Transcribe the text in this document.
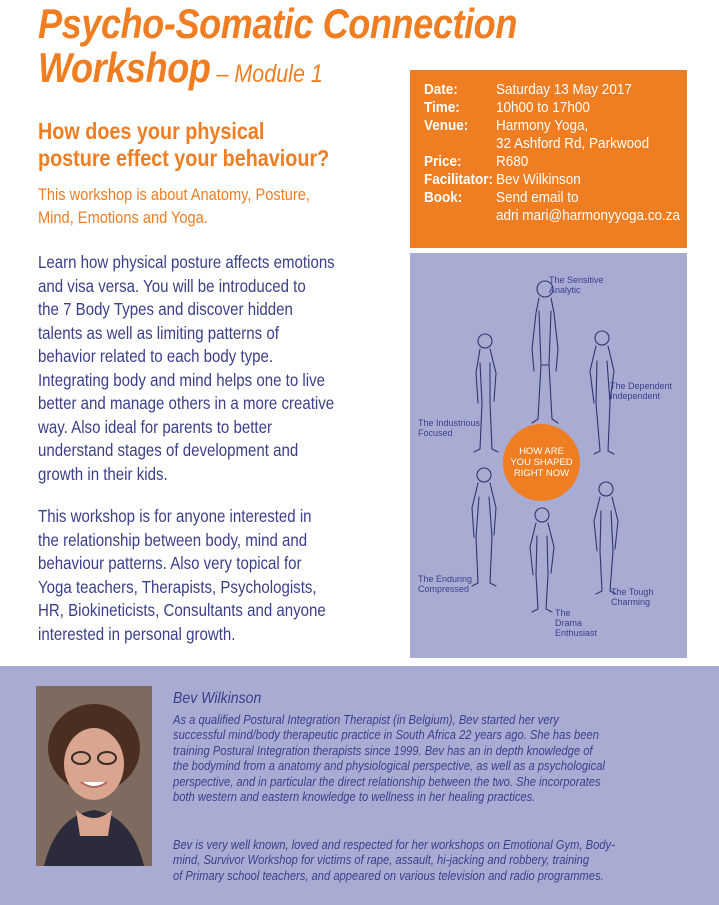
Psycho-Somatic Connection
Workshop – Module 1
How does your physical
posture effect your behaviour?

This workshop is about Anatomy, Posture,
Mind, Emotions and Yoga.

Learn how physical posture affects emotions

and visa versa. You will be introduced to

the 7 Body Types and discover hidden

talents as well as limiting patterns of

behavior related to each body type.

Integrating body and mind helps one to live

better and manage others in a more creative

way. Also ideal for parents to better

understand stages of development and

growth in their kids.

This workshop is for anyone interested in

the relationship between body, mind and

behaviour patterns. Also very topical for

Yoga teachers, Therapists, Psychologists,

HR, Biokineticists, Consultants and anyone

interested in personal growth.

Date:	Saturday 13 May 2017
Time:	10h00 to 17h00
Venue:	Harmony Yoga,
32 Ashford Rd, Parkwood
Price:	R680
Facilitator: Bev Wilkinson
Book:	Send email to
adri mari@harmonyyoga.co.za
The Sensitive
Analytic
The Dependent
Independent
The Industrious
Focused
The Enduring
Compressed	The Tough
Charming
The
Drama
Enthusiast
HOW ARE
YOU SHAPED
RIGHT NOW
Bev Wilkinson
As a qualified Postural Integration Therapist (in Belgium), Bev started her very
successful mind/body therapeutic practice in South Africa 22 years ago. She has been
training Postural Integration therapists since 1999. Bev has an in depth knowledge of
the bodymind from a anatomy and physiological perspective, as well as a psychological
perspective, and in particular the direct relationship between the two. She incorporates
both western and eastern knowledge to wellness in her healing practices.
Bev is very well known, loved and respected for her workshops on Emotional Gym, Body-
mind, Survivor Workshop for victims of rape, assault, hi-jacking and robbery, training
of Primary school teachers, and appeared on various television and radio programmes.
